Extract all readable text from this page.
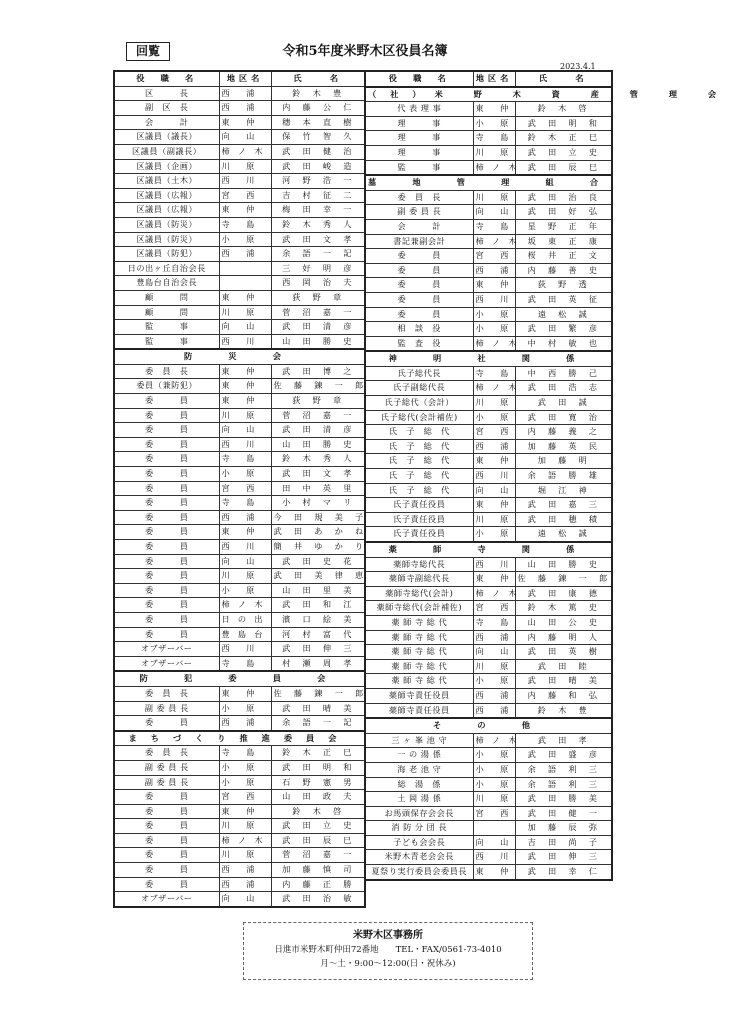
回覧	令和5年度米野木区役員名簿
2023.4.1
役　職　名	地区名	氏　　名
区　　　長	西　　浦	鈴　木　豊
副　区　長	西　　浦	内　藤　公　仁
会　　　計	東　　仲	穗　本　直　樹
区議員（議長）	向　　山	保　竹　智　久
区議員（副議長）	柿　ノ　木	武　田　健　治
区議員（企画）	川　　原	武　田　峻　造
区議員（土木）	西　　川	河　野　浩　一
区議員（広報）	宮　　西	吉　村　征　二
区議員（広報）	東　　仲	梅　田　幸　一
区議員（防災）	寺　　島	鈴　木　秀　人
区議員（防災）	小　　原	武　田　文　孝
区議員（防犯）	西　　浦	余　語　一　記
日の出ヶ丘自治会長		三　好　明　彦
豊島台自治会長		西　岡　治　夫
顧　　　問	東　　仲	荻　野　章
顧　　　問	川　　原	菅　沼　嘉　一
監　　　事	向　　山	武　田　清　彦
監　　　事	西　　川	山　田　勝　史
防　災　会		
委　員　長	東　　仲	武　田　博　之
委員（兼防犯）	東　　仲	佐　藤　錬　一　郎
委　　　員	東　　仲	荻　野　章
委　　　員	川　　原	菅　沼　嘉　一
委　　　員	向　　山	武　田　清　彦
委　　　員	西　　川	山　田　勝　史
委　　　員	寺　　島	鈴　木　秀　人
委　　　員	小　　原	武　田　文　孝
委　　　員	宮　　西	田　中　英　里
委　　　員	寺　　島	小　村　マ　リ
委　　　員	西　　浦	今　田　規　美　子
委　　　員	東　　仲	武　田　あ　か　ね
委　　　員	西　　川	簡　井　ゆ　か　り
委　　　員	向　　山	武　田　史　花
委　　　員	川　　原	武　田　美　律　恵
委　　　員	小　　原	山　田　里　美
委　　　員	柿　ノ　木	武　田　和　江
委　　　員	日　の　出	濱　口　絵　美
委　　　員	豊　島　台	河　村　富　代
オブザーバー	西　　川	武　田　伸　三
オブザーバー	寺　　島	村　瀬　周　孝
防　犯　委　員　会		
委　員　長	東　　仲	佐　藤　錬　一　郎
副 委 員 長	小　　原	武　田　晴　美
委　　　員	西　　浦	余　語　一　記
まちづくり推進委員会		
委　員　長	寺　　島	鈴　木　正　巳
副 委 員 長	小　　原	武　田　明　和
副 委 員 長	小　　原	石　野　憲　男
委　　　員	宮　　西	山　田　政　夫
委　　　員	東　　仲	鈴　木　啓
委　　　員	川　　原	武　田　立　史
委　　　員	柿　ノ　木	武　田　辰　巳
委　　　員	川　　原	菅　沼　嘉　一
委　　　員	西　　浦	加　藤　慎　司
委　　　員	西　　浦	内　藤　正　勝
オブザーバー	向　　山	武　田　治　敏
役　職　名	地区名	氏　　名
（社）米 野 木 資 産 管 理 会		
代 表 理 事	東　　仲	鈴　木　啓
理　　　事	小　　原	武　田　明　和
理　　　事	寺　　島	鈴　木　正　巳
理　　　事	川　　原	武　田　立　史
監　　　事	柿　ノ　木	武　田　辰　巳
墓　地　管　理　組　合		
委　員　長	川　　原	武　田　治　良
副 委 員 長	向　　山	武　田　好　弘
会　　　計	寺　　島	星　野　正　年
書記兼副会計	柿　ノ　木	坂　東　正　康
委　　　員	宮　　西	桜　井　正　文
委　　　員	西　　浦	内　藤　善　史
委　　　員	東　　仲	荻　野　透
委　　　員	西　　川	武　田　英　征
委　　　員	小　　原	遠　松　誠
相　談　役	小　　原	武　田　繁　彦
監　査　役	柿　ノ　木	中　村　敏　也
神　明　社　関　係		
氏子総代長	寺　　島	中　西　勝　己
氏子副総代長	柿　ノ　木	武　田　浩　志
氏子総代（会計）	川　　原	武　田　誠
氏子総代(会計補佐)	小　　原	武　田　寛　治
氏　子　総　代	宮　　西	内　藤　義　之
氏　子　総　代	西　　浦	加　藤　英　民
氏　子　総　代	東　　仲	加　藤　明
氏　子　総　代	西　　川	余　語　勝　雄
氏　子　総　代	向　　山	堀　江　神
氏子責任役員	東　　仲	武　田　嘉　三
氏子責任役員	川　　原	武　田　穂　積
氏子責任役員	小　　原	遠　松　誠
薬　師　寺　関　係		
薬師寺総代長	西　　川	山　田　勝　史
薬師寺副総代長	東　　仲	佐　藤　錬　一　郎
薬師寺総代(会計)	柿　ノ　木	武　田　康　德
薬師寺総代(会計補佐)	宮　　西	鈴　木　篤　史
薬 師 寺 総 代	寺　　島	山　田　公　史
薬 師 寺 総 代	西　　浦	内　藤　明　人
薬 師 寺 総 代	向　　山	武　田　英　樹
薬 師 寺 総 代	川　　原	武　田　睦
薬 師 寺 総 代	小　　原	武　田　晴　美
薬師寺責任役員	西　　浦	内　藤　和　弘
薬師寺責任役員	西　　浦	鈴　木　豊
そ　の　他		
三 ヶ 峯 池 守	柿　ノ　木	武　田　孝
一 の 湯 係	小　　原	武　田　盛　彦
海 老 池 守	小　　原	余　語　利　三
総　湯　係	小　　原	余　語　利　三
土 岡 湯 係	川　　原	武　田　勝　美
お馬頭保存会会長	宮　　西	武　田　健　一
消 防 分 団 長		加　藤　辰　弥
子ども会会長	向　　山	吉　田　尚　子
米野木青老会会長	西　　川	武　田　伸　三
夏祭り実行委員会委員長	東　　仲	武　田　幸　仁
米野木区事務所
日進市米野木町仲田72番地　　TEL・FAX/0561-73-4010
月～土・9:00～12:00(日・祝休み)
